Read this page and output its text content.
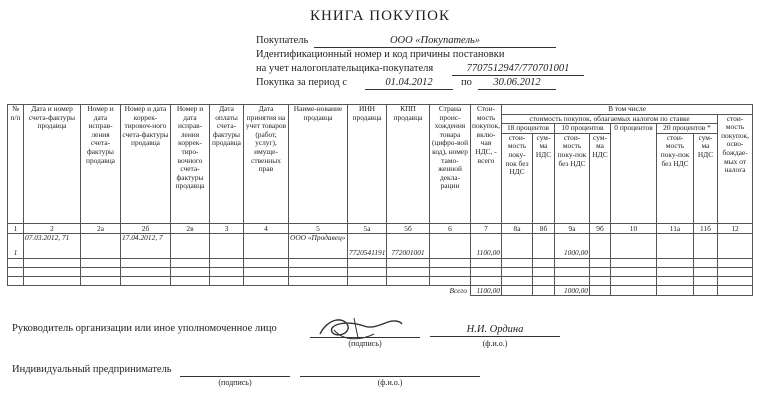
КНИГА ПОКУПОК
Покупатель	ООО «Покупатель»
Идентификационный номер и код причины постановки
на учет налогоплательщика-покупателя	7707512947/770701001
Покупка за период с	01.04.2012	по	30.06.2012
№ п/п	Дата и номер счета-фактуры продавца	Номер и дата исправ-ления счета-фактуры продавца	Номер и дата коррек-тировоч-ного счета-фактуры продавца	Номер и дата исправ-ления коррек-тиро-вочного счета-фактуры продавца	Дата оплаты счета-фактуры продавца	Дата принятия на учет товаров (работ, услуг), имуще-ственных прав	Наиме-нование продавца	ИНН продавца	КПП продавца	Страна проис-хождения товара (цифро-вой код), номер тамо-женной декла-рации	Стои-мость покупок, вклю-чая НДС, - всего	В том числе							
												стоимость покупок, облагаемых налогом по ставке							стои-мость покупок, осво-бождае-мых от налога
												18 процентов		10 процентов		0 процентов	20 процентов *		
												стои-мость поку-пок без НДС	сум-ма НДС	стои-мость поку-пок без НДС	сум-ма НДС		стои-мость поку-пок без НДС	сум-ма НДС	
1	2	2а	2б	2в	3	4	5	5а	5б	6	7	8а	8б	9а	9б	10	11а	11б	12
1	07.03.2012, 71		17.04.2012, 7				ООО «Продавец»	7720541191	772001001		1100,00			1000,00					

Всего											1100,00			1000,00					
Руководитель организации или иное уполномоченное лицо
(подпись)
Н.И. Ордина
(ф.и.о.)
Индивидуальный предприниматель
(подпись)	(ф.и.о.)
